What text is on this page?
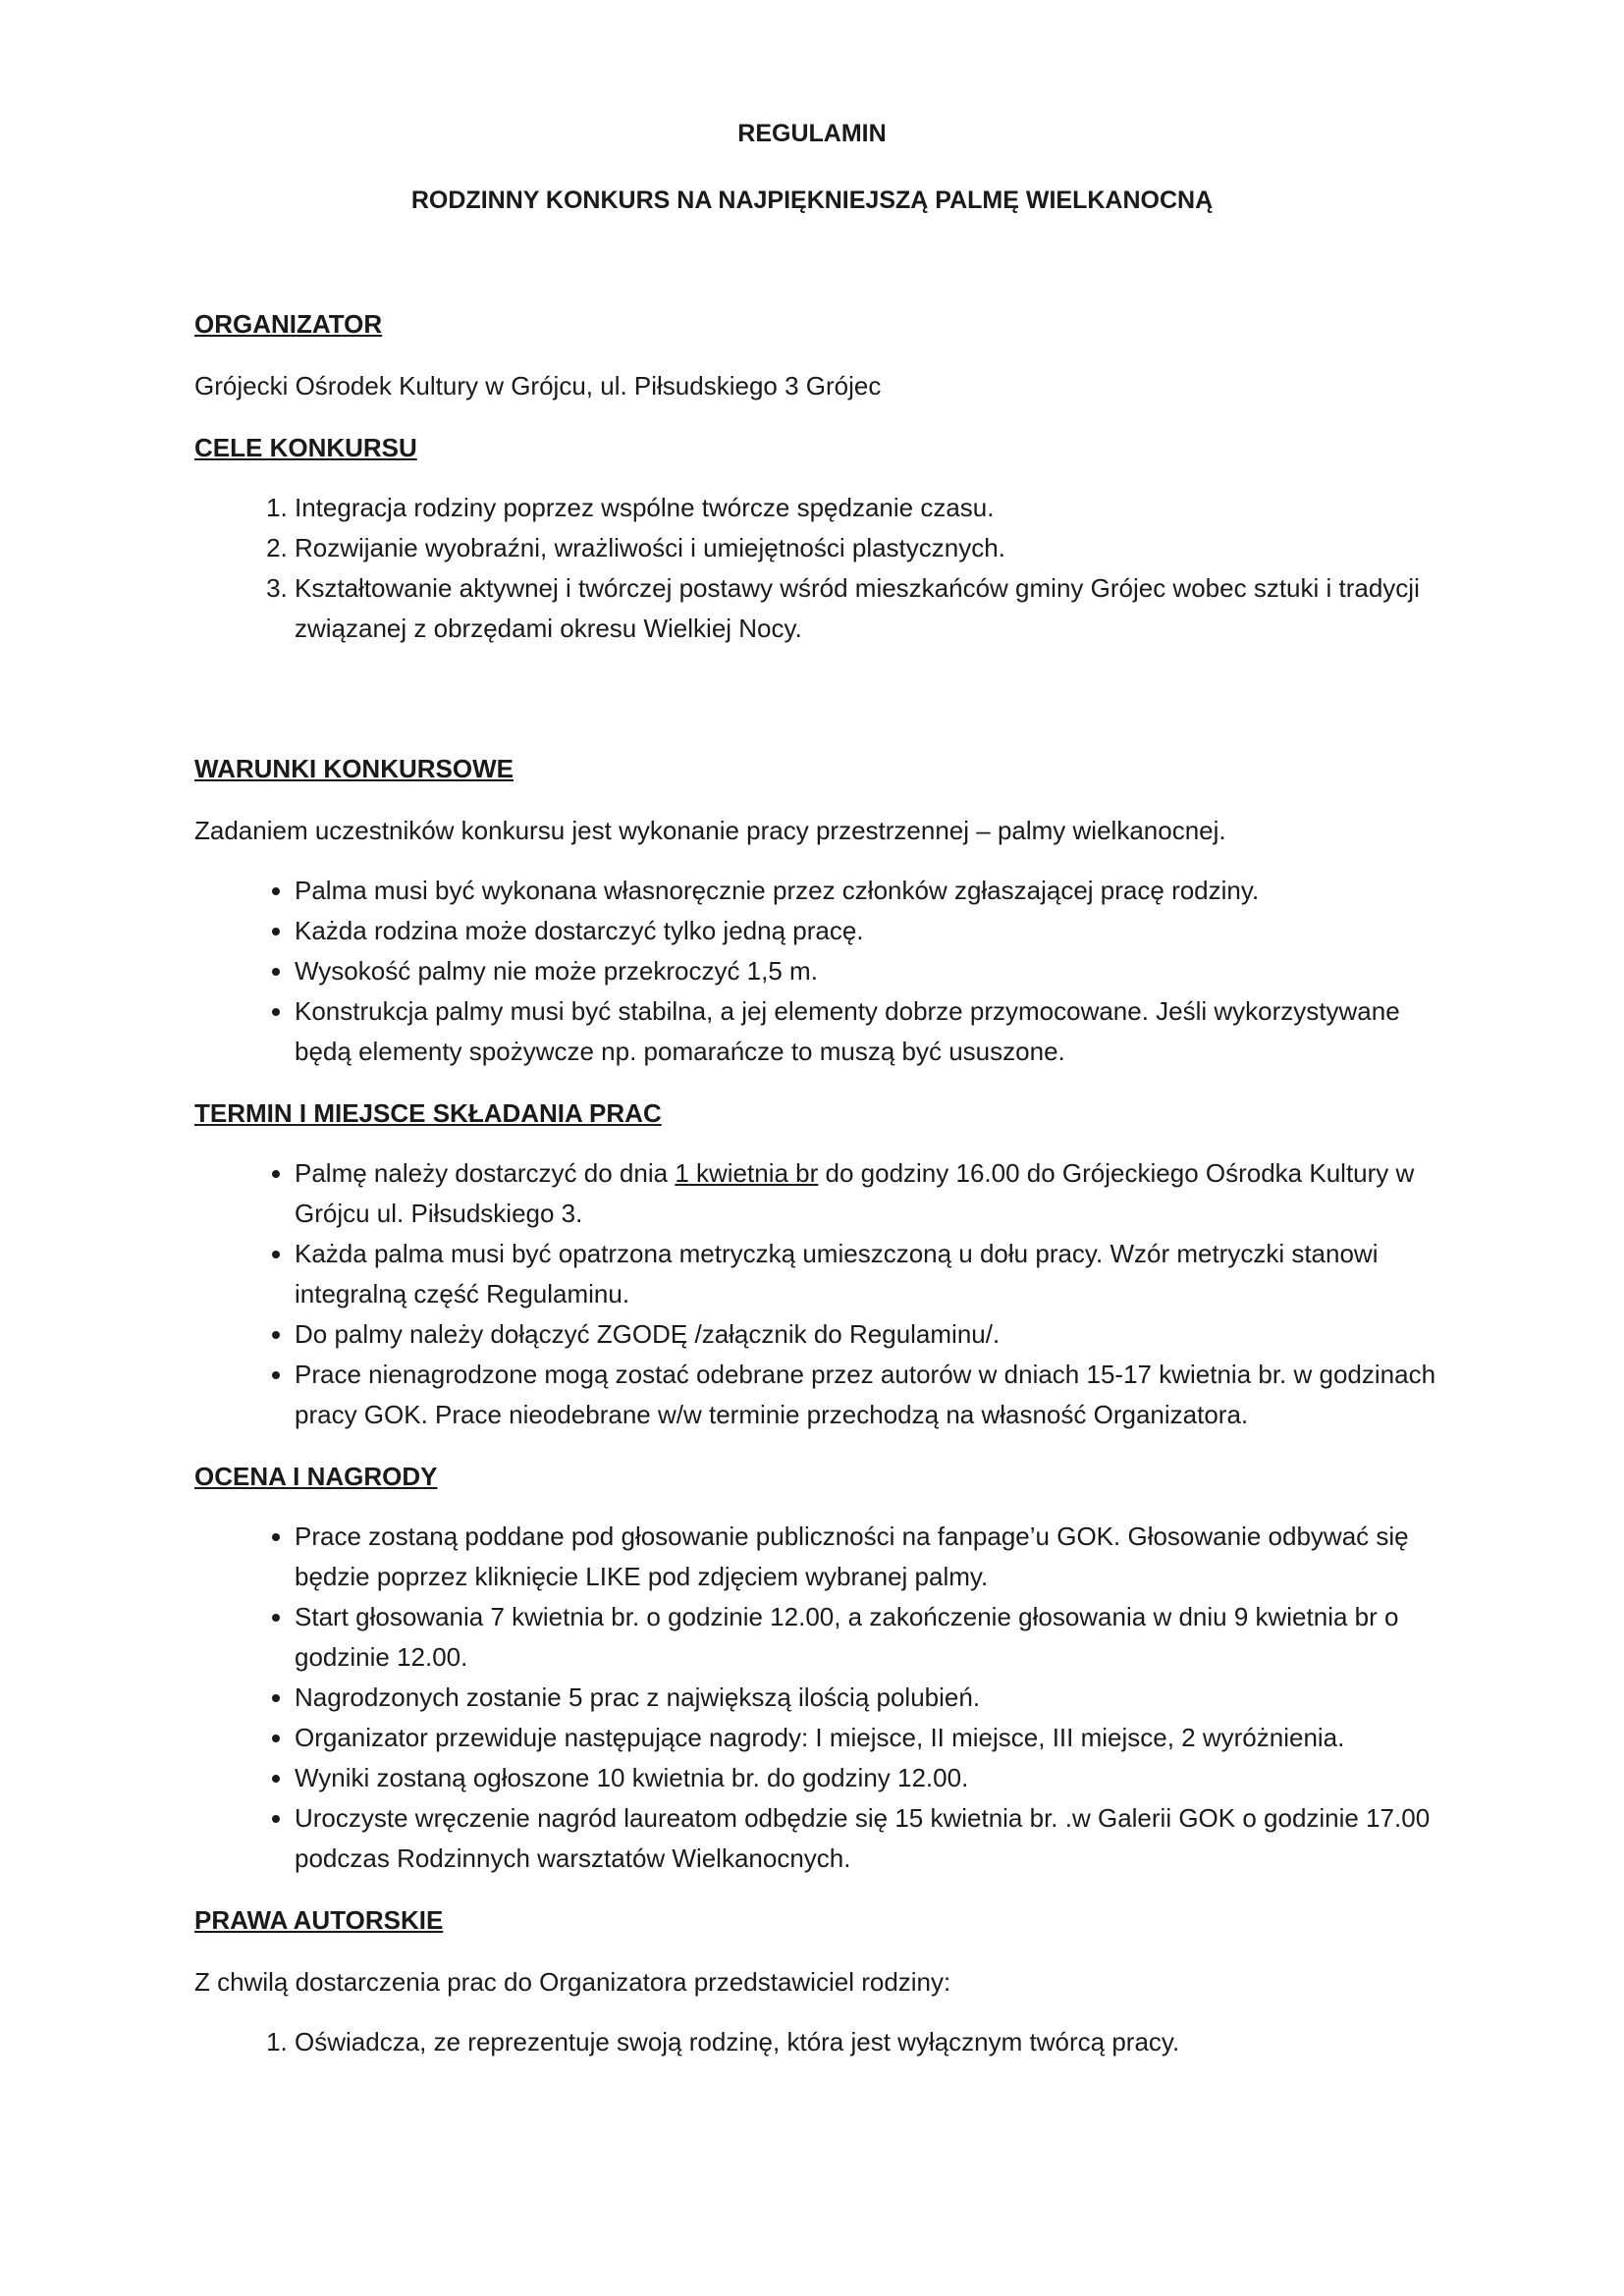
REGULAMIN
RODZINNY KONKURS NA NAJPIĘKNIEJSZĄ PALMĘ WIELKANOCNĄ

ORGANIZATOR

Grójecki Ośrodek Kultury w Grójcu, ul. Piłsudskiego 3 Grójec

CELE KONKURSU

1. Integracja rodziny poprzez wspólne twórcze spędzanie czasu.
2. Rozwijanie wyobraźni, wrażliwości i umiejętności plastycznych.
3. Kształtowanie aktywnej i twórczej postawy wśród mieszkańców gminy Grójec wobec sztuki i tradycji związanej z obrzędami okresu Wielkiej Nocy.

WARUNKI KONKURSOWE

Zadaniem uczestników konkursu jest wykonanie pracy przestrzennej – palmy wielkanocnej.

• Palma musi być wykonana własnoręcznie przez członków zgłaszającej pracę rodziny.
• Każda rodzina może dostarczyć tylko jedną pracę.
• Wysokość palmy nie może przekroczyć 1,5 m.
• Konstrukcja palmy musi być stabilna, a jej elementy dobrze przymocowane. Jeśli wykorzystywane będą elementy spożywcze np. pomarańcze to muszą być ususzone.

TERMIN I MIEJSCE SKŁADANIA PRAC

• Palmę należy dostarczyć do dnia 1 kwietnia br do godziny 16.00 do Grójeckiego Ośrodka Kultury w Grójcu ul. Piłsudskiego 3.
• Każda palma musi być opatrzona metryczką umieszczoną u dołu pracy. Wzór metryczki stanowi integralną część Regulaminu.
• Do palmy należy dołączyć ZGODĘ /załącznik do Regulaminu/.
• Prace nienagrodzone mogą zostać odebrane przez autorów w dniach 15-17 kwietnia br. w godzinach pracy GOK. Prace nieodebrane w/w terminie przechodzą na własność Organizatora.

OCENA I NAGRODY

• Prace zostaną poddane pod głosowanie publiczności na fanpage’u GOK. Głosowanie odbywać się będzie poprzez kliknięcie LIKE pod zdjęciem wybranej palmy.
• Start głosowania 7 kwietnia br. o godzinie 12.00, a zakończenie głosowania w dniu 9 kwietnia br o godzinie 12.00.
• Nagrodzonych zostanie 5 prac z największą ilością polubień.
• Organizator przewiduje następujące nagrody: I miejsce, II miejsce, III miejsce, 2 wyróżnienia.
• Wyniki zostaną ogłoszone 10 kwietnia br. do godziny 12.00.
• Uroczyste wręczenie nagród laureatom odbędzie się 15 kwietnia br. .w Galerii GOK o godzinie 17.00 podczas Rodzinnych warsztatów Wielkanocnych.

PRAWA AUTORSKIE

Z chwilą dostarczenia prac do Organizatora przedstawiciel rodziny:

1. Oświadcza, ze reprezentuje swoją rodzinę, która jest wyłącznym twórcą pracy.
